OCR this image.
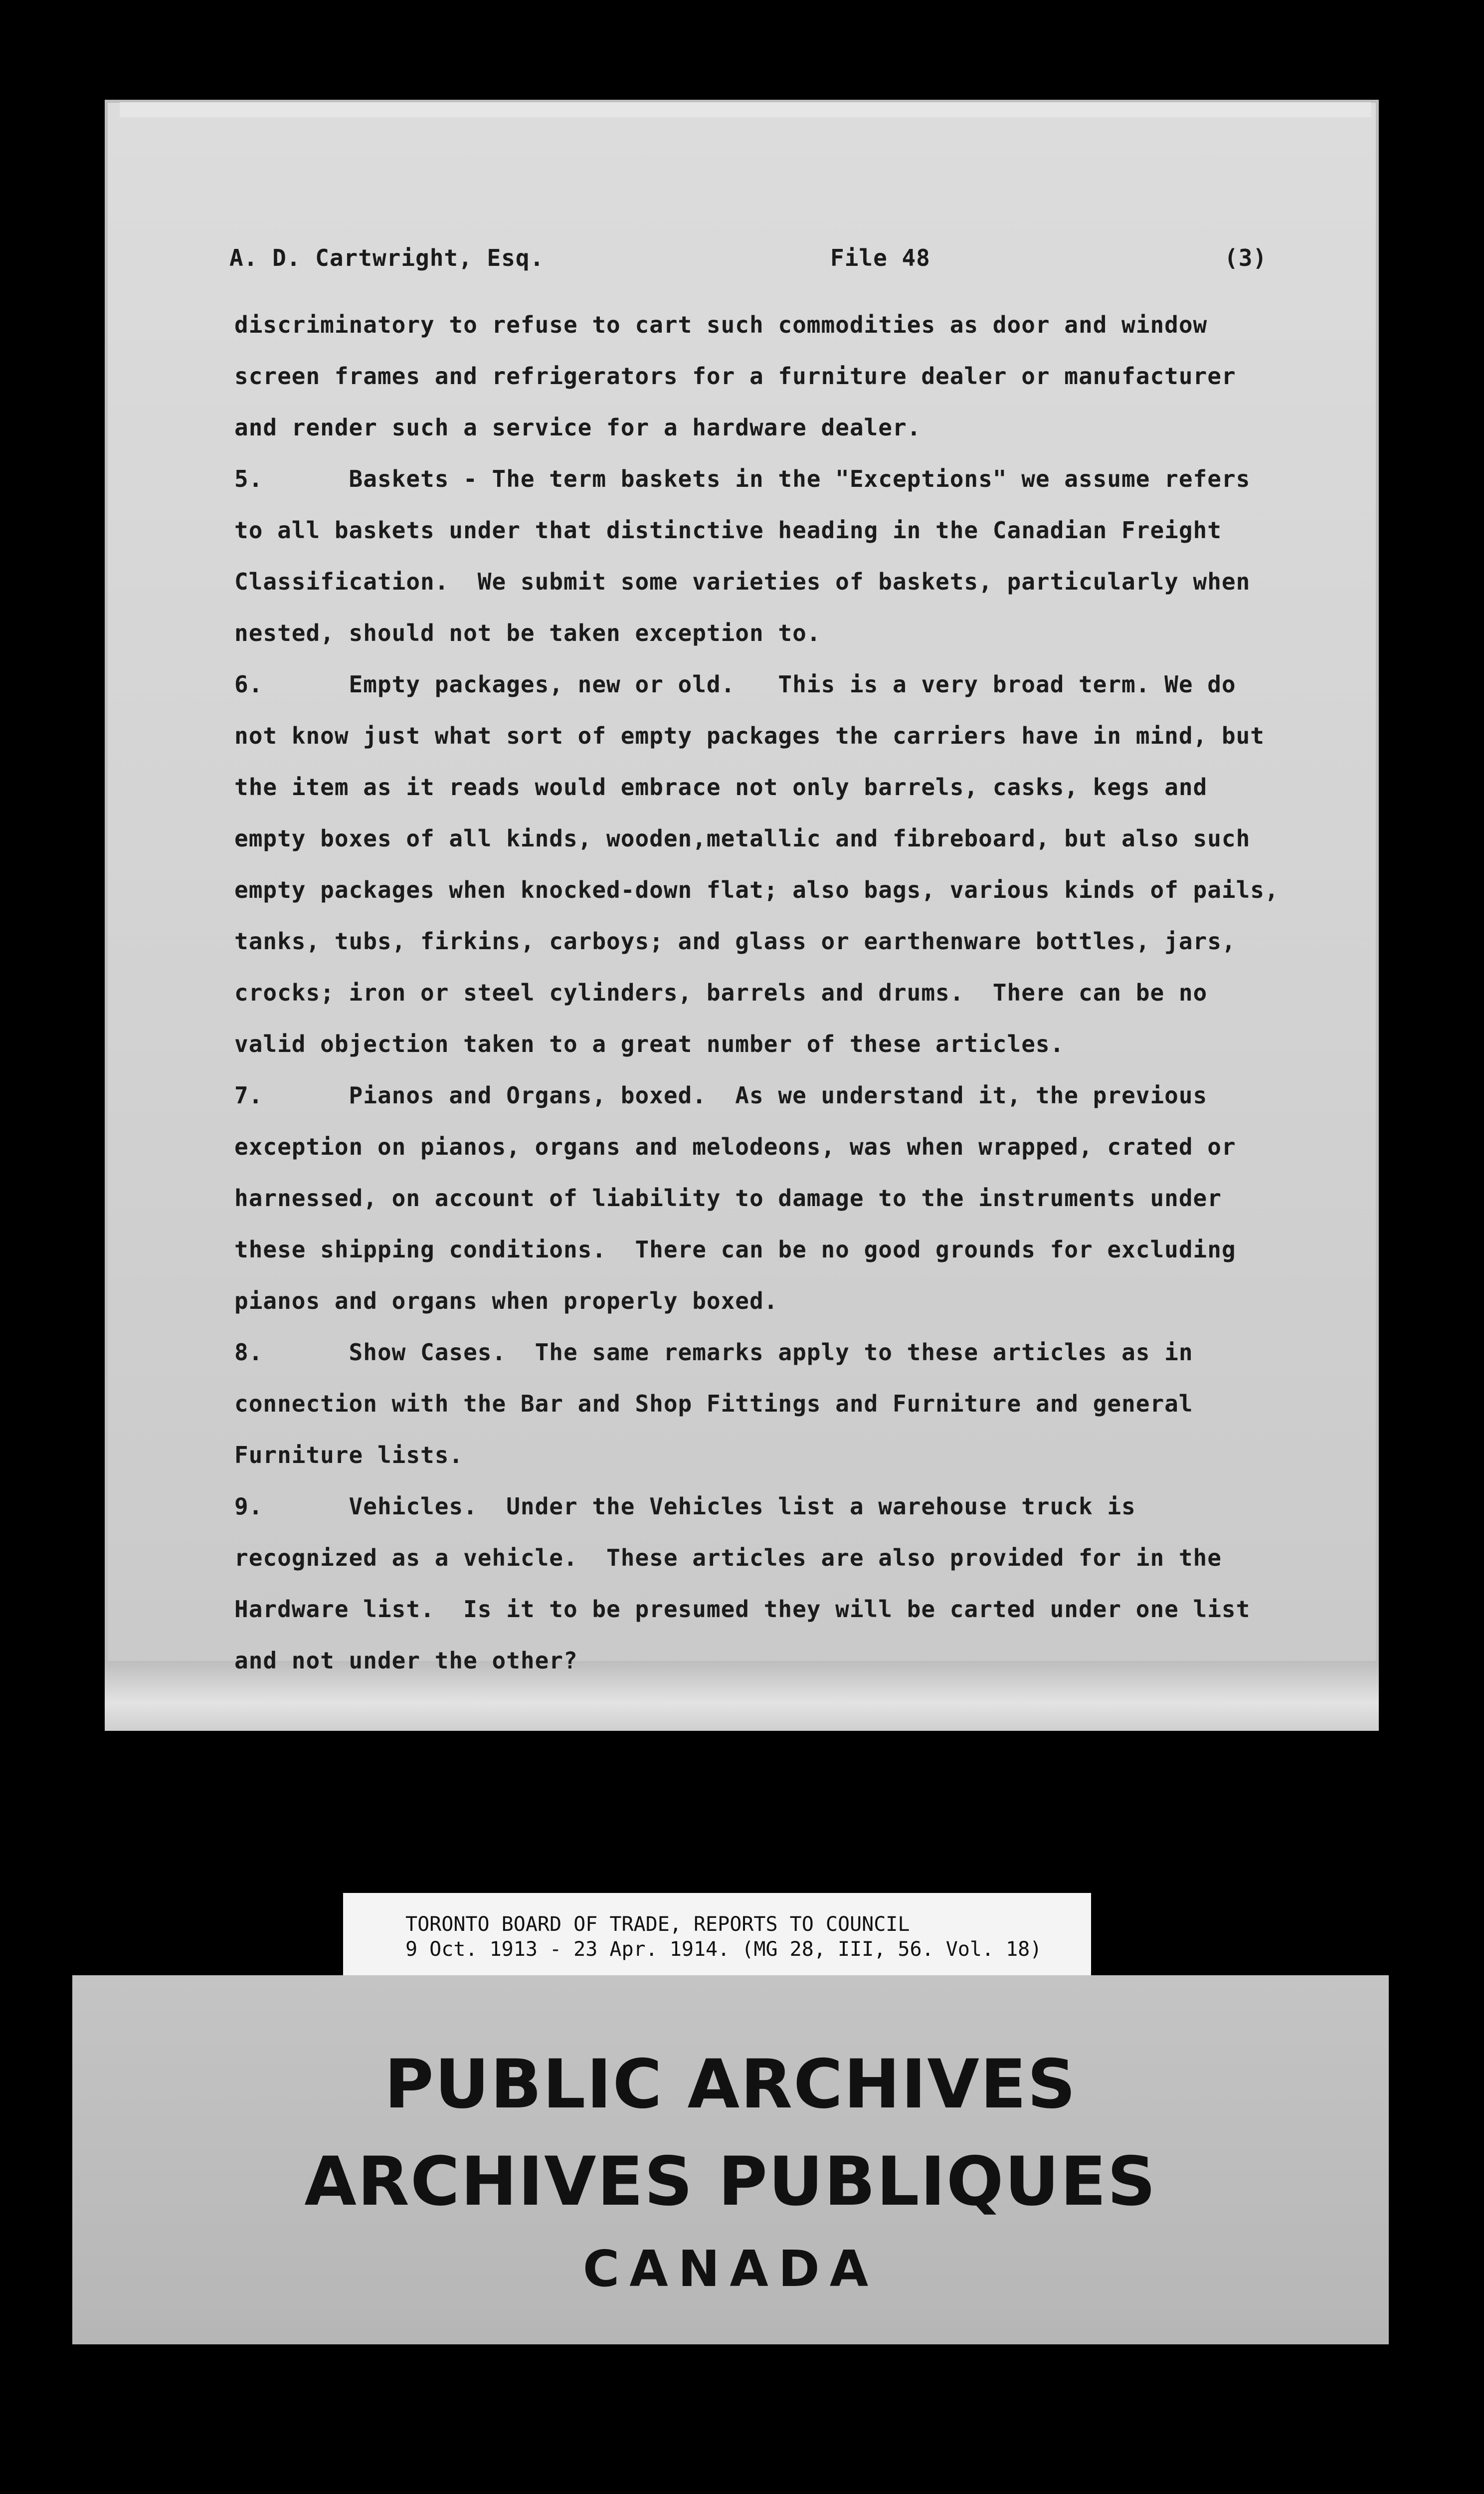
A. D. Cartwright, Esq.	File 48	(3)
discriminatory to refuse to cart such commodities as door and window
screen frames and refrigerators for a furniture dealer or manufacturer
and render such a service for a hardware dealer.
5.      Baskets - The term baskets in the "Exceptions" we assume refers
to all baskets under that distinctive heading in the Canadian Freight
Classification.  We submit some varieties of baskets, particularly when
nested, should not be taken exception to.
6.      Empty packages, new or old.   This is a very broad term. We do
not know just what sort of empty packages the carriers have in mind, but
the item as it reads would embrace not only barrels, casks, kegs and
empty boxes of all kinds, wooden,metallic and fibreboard, but also such
empty packages when knocked-down flat; also bags, various kinds of pails,
tanks, tubs, firkins, carboys; and glass or earthenware bottles, jars,
crocks; iron or steel cylinders, barrels and drums.  There can be no
valid objection taken to a great number of these articles.
7.      Pianos and Organs, boxed.  As we understand it, the previous
exception on pianos, organs and melodeons, was when wrapped, crated or
harnessed, on account of liability to damage to the instruments under
these shipping conditions.  There can be no good grounds for excluding
pianos and organs when properly boxed.
8.      Show Cases.  The same remarks apply to these articles as in
connection with the Bar and Shop Fittings and Furniture and general
Furniture lists.
9.      Vehicles.  Under the Vehicles list a warehouse truck is
recognized as a vehicle.  These articles are also provided for in the
Hardware list.  Is it to be presumed they will be carted under one list
and not under the other?
TORONTO BOARD OF TRADE, REPORTS TO COUNCIL
9 Oct. 1913 - 23 Apr. 1914. (MG 28, III, 56. Vol. 18)
PUBLIC ARCHIVES
ARCHIVES PUBLIQUES
CANADA
